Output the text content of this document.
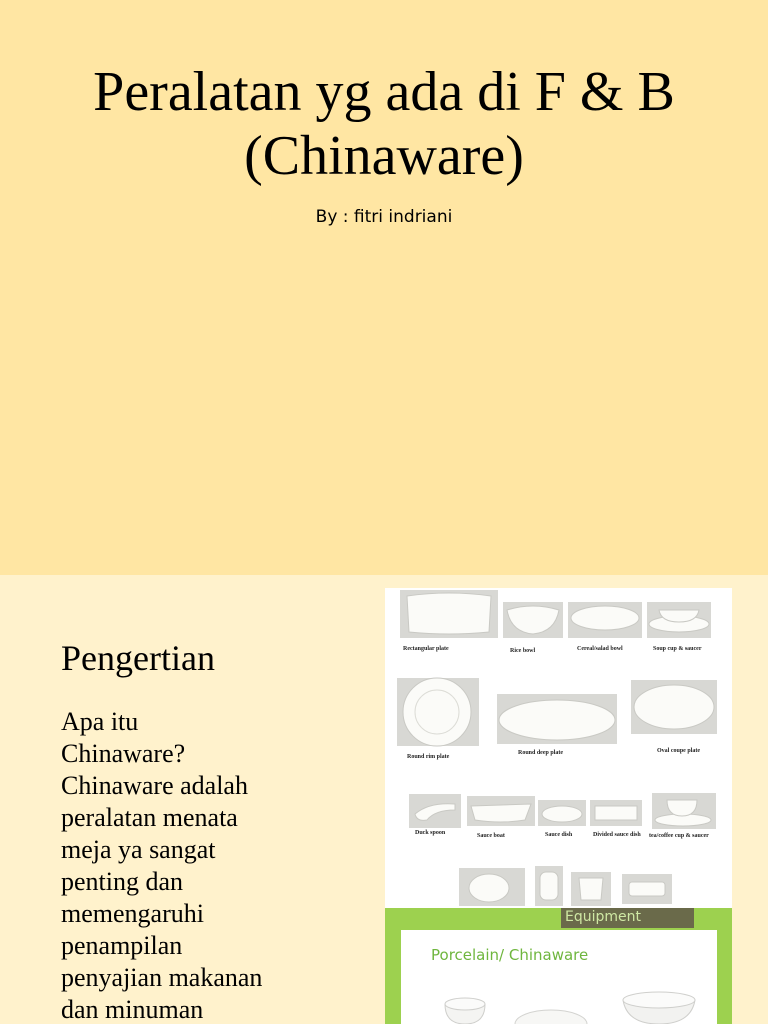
Peralatan yg ada di F & B (Chinaware)
By : fitri indriani
Pengertian
Apa itu
Chinaware?
Chinaware adalah
peralatan menata
meja ya sangat
penting dan
memengaruhi
penampilan
penyajian makanan
dan minuman
Rectangular plate	Rice bowl	Cereal/salad bowl	Soup cup & saucer
Round rim plate
Round deep plate	Oval coupe plate
Duck spoon	Sauce boat	Sauce dish	Divided sauce dish tea/coffee cup & saucer
Equipment
Porcelain/ Chinaware
